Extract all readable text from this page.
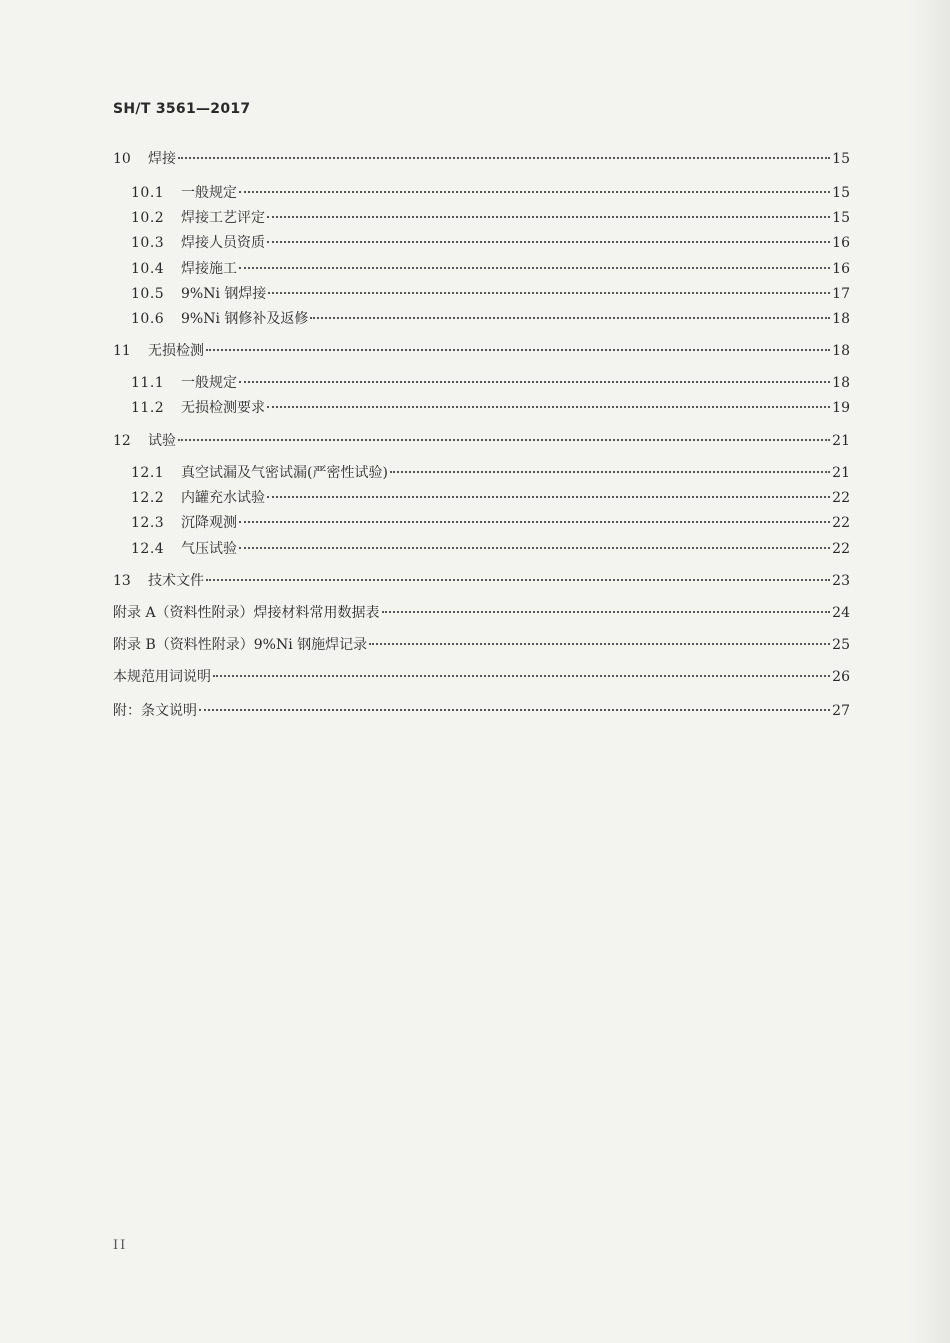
SH/T 3561—2017
10	焊接	15
10.1	一般规定	15
10.2	焊接工艺评定	15
10.3	焊接人员资质	16
10.4	焊接施工	16
10.5	9%Ni 钢焊接	17
10.6	9%Ni 钢修补及返修	18
11	无损检测	18
11.1	一般规定	18
11.2	无损检测要求	19
12	试验	21
12.1	真空试漏及气密试漏(严密性试验)	21
12.2	内罐充水试验	22
12.3	沉降观测	22
12.4	气压试验	22
13	技术文件	23
附录 A（资料性附录）焊接材料常用数据表	24
附录 B（资料性附录）9%Ni 钢施焊记录	25
本规范用词说明	26
附：条文说明	27
II
